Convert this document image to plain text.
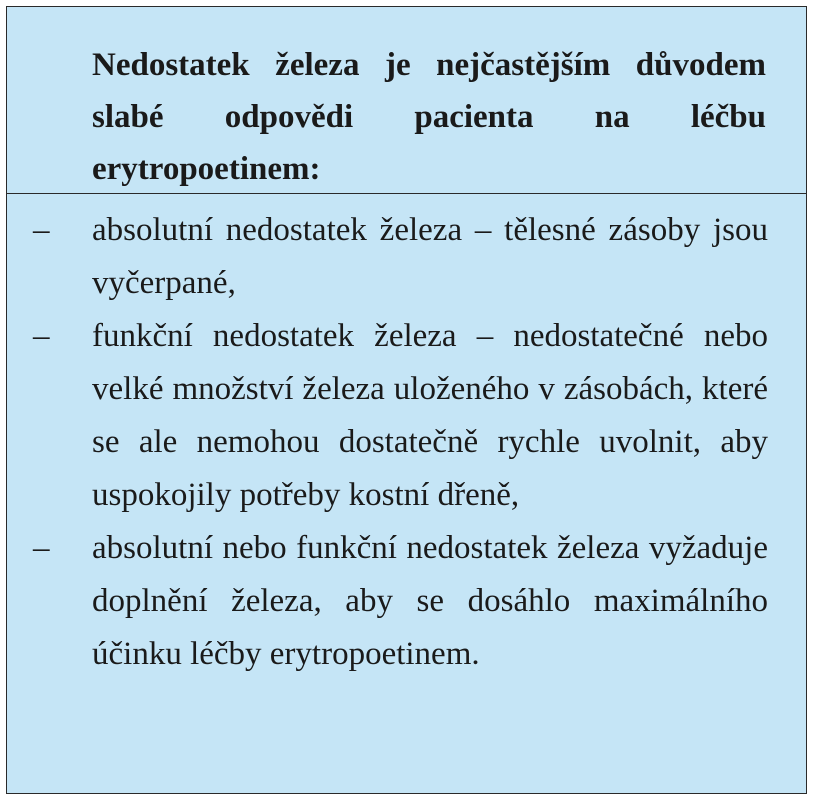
Nedostatek železa je nejčastějším důvodem slabé odpovědi pacienta na léčbu erytropoetinem:
–	absolutní nedostatek železa – tělesné zásoby jsou vyčerpané,
–	funkční nedostatek železa – nedostatečné nebo velké množství železa uloženého v zásobách, které se ale nemohou dostatečně rychle uvolnit, aby uspokojily potřeby kostní dřeně,
–	absolutní nebo funkční nedostatek železa vyžaduje doplnění železa, aby se dosáhlo maximálního účinku léčby erytropoetinem.
